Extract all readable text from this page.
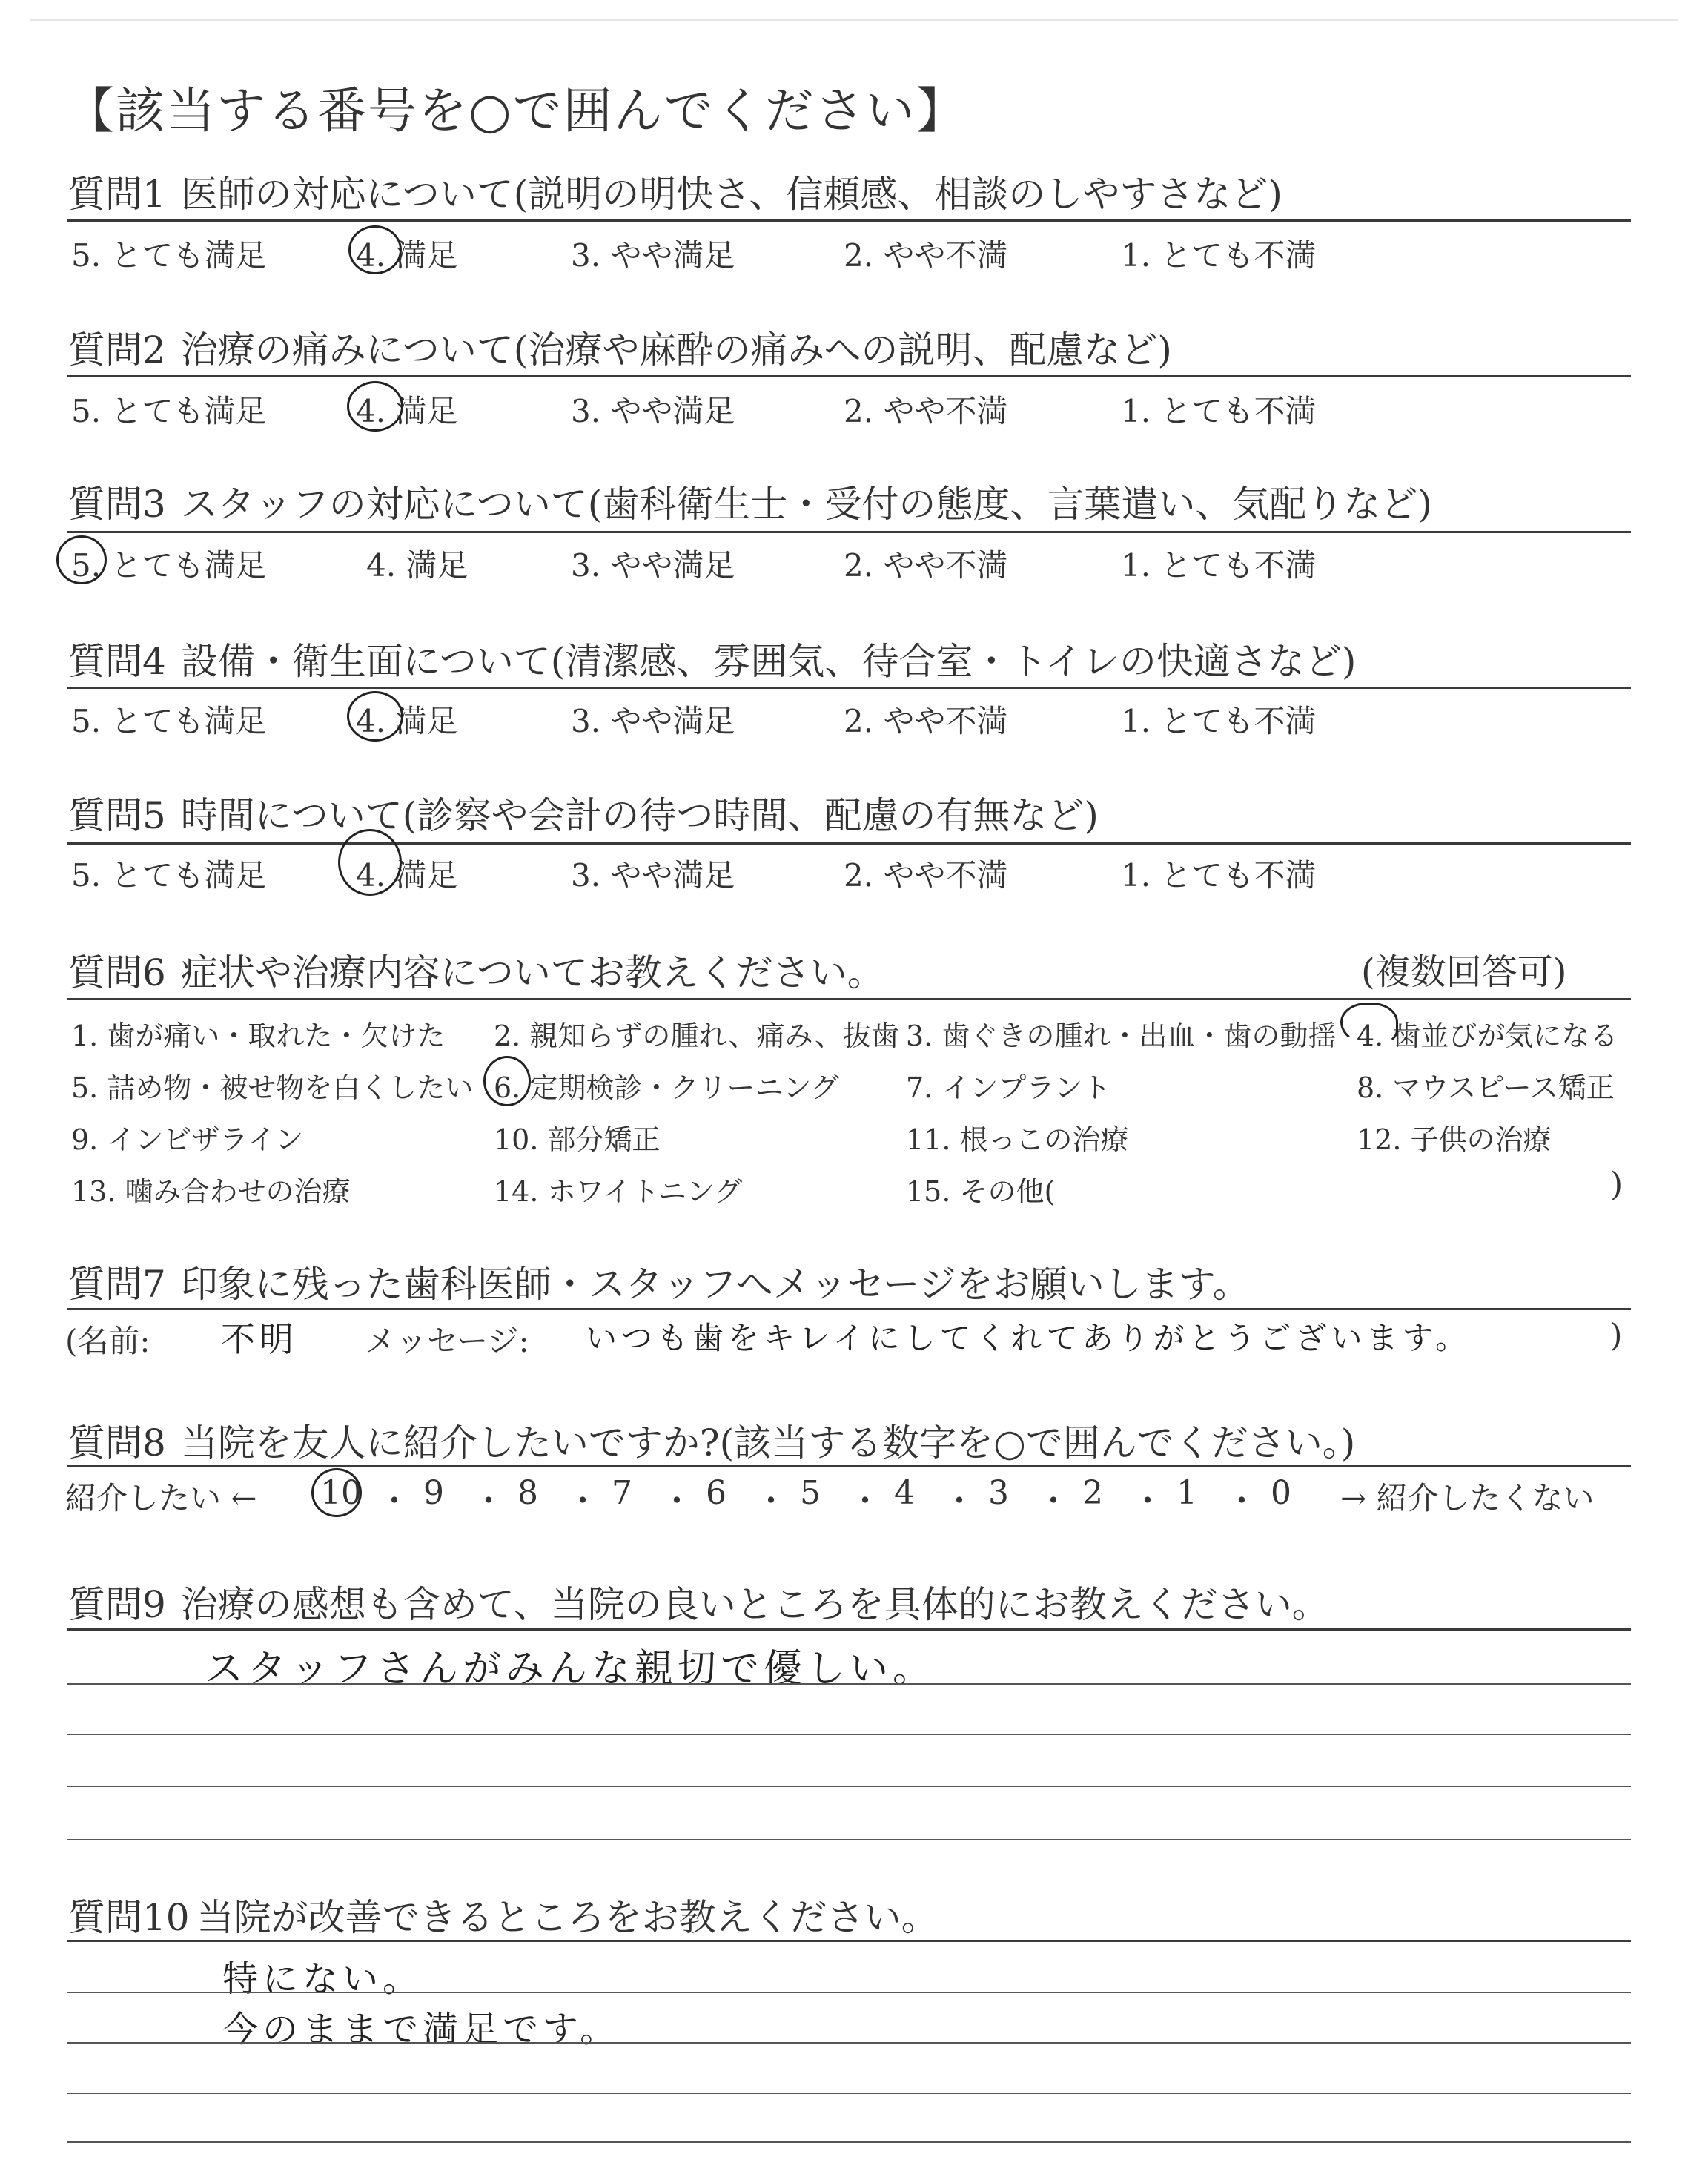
【該当する番号を○で囲んでください】
質問1 医師の対応について(説明の明快さ、信頼感、相談のしやすさなど)
5. とても満足	4. 満足	3. やや満足	2. やや不満	1. とても不満
質問2 治療の痛みについて(治療や麻酔の痛みへの説明、配慮など)
5. とても満足	4. 満足	3. やや満足	2. やや不満	1. とても不満
質問3 スタッフの対応について(歯科衛生士・受付の態度、言葉遣い、気配りなど)
5. とても満足	4. 満足	3. やや満足	2. やや不満	1. とても不満
質問4 設備・衛生面について(清潔感、雰囲気、待合室・トイレの快適さなど)
5. とても満足	4. 満足	3. やや満足	2. やや不満	1. とても不満
質問5 時間について(診察や会計の待つ時間、配慮の有無など)
5. とても満足	4. 満足	3. やや満足	2. やや不満	1. とても不満
質問6 症状や治療内容についてお教えください。	(複数回答可)
1. 歯が痛い・取れた・欠けた 2. 親知らずの腫れ、痛み、抜歯 3. 歯ぐきの腫れ・出血・歯の動揺 4. 歯並びが気になる
5. 詰め物・被せ物を白くしたい 6. 定期検診・クリーニング 7. インプラント	8. マウスピース矯正
9. インビザライン	10. 部分矯正	11. 根っこの治療	12. 子供の治療
13. 噛み合わせの治療	14. ホワイトニング	15. その他(	)
質問7 印象に残った歯科医師・スタッフへメッセージをお願いします。
(名前: 不明 メッセージ: いつも歯をキレイにしてくれてありがとうございます。	)
質問8 当院を友人に紹介したいですか?(該当する数字を○で囲んでください。)
紹介したい ← 10 ・ 9 ・ 8 ・ 7 ・ 6 ・ 5 ・ 4 ・ 3 ・ 2 ・ 1 ・ 0 → 紹介したくない
質問9 治療の感想も含めて、当院の良いところを具体的にお教えください。
スタッフさんがみんな親切で優しい。
質問10 当院が改善できるところをお教えください。
特にない。
今のままで満足です。
